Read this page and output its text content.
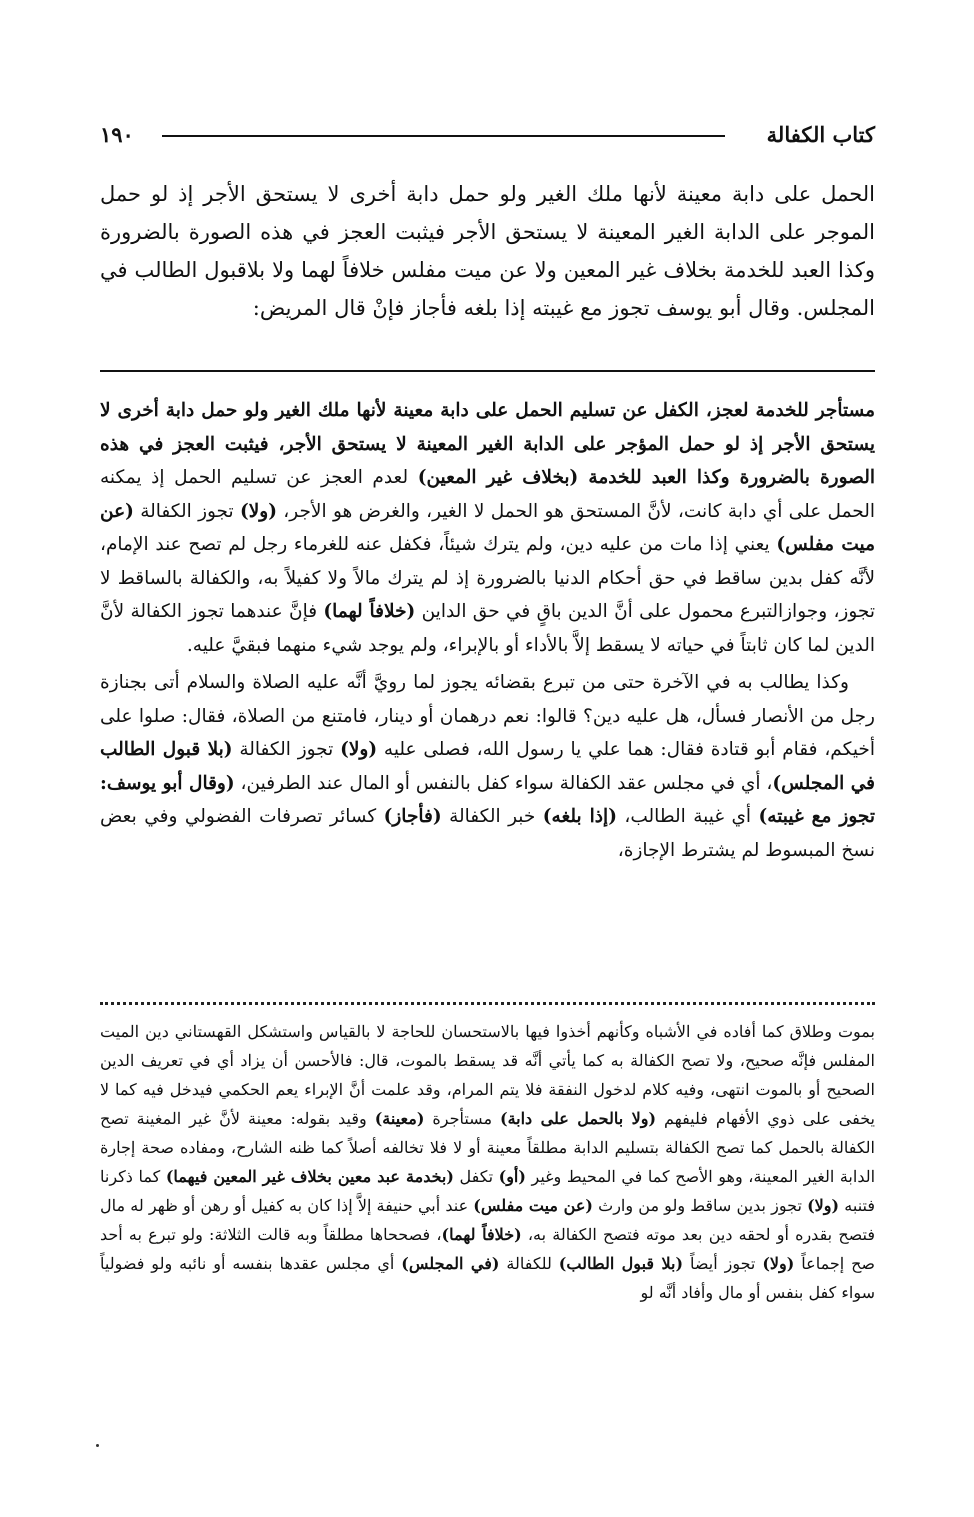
١٩٠	كتاب الكفالة
الحمل على دابة معينة لأنها ملك الغير ولو حمل دابة أخرى لا يستحق الأجر إذ لو حمل الموجر على الدابة الغير المعينة لا يستحق الأجر فيثبت العجز في هذه الصورة بالضرورة وكذا العبد للخدمة بخلاف غير المعين ولا عن ميت مفلس خلافاً لهما ولا بلاقبول الطالب في المجلس. وقال أبو يوسف تجوز مع غيبته إذا بلغه فأجاز فإنْ قال المريض:

مستأجر للخدمة لعجز، الكفل عن تسليم الحمل على دابة معينة لأنها ملك الغير ولو حمل دابة أخرى لا يستحق الأجر إذ لو حمل المؤجر على الدابة الغير المعينة لا يستحق الأجر، فيثبت العجز في هذه الصورة بالضرورة وكذا العبد للخدمة (بخلاف غير المعين) لعدم العجز عن تسليم الحمل إذ يمكنه الحمل على أي دابة كانت، لأنَّ المستحق هو الحمل لا الغير، والغرض هو الأجر، (ولا) تجوز الكفالة (عن ميت مفلس) يعني إذا مات من عليه دين، ولم يترك شيئاً، فكفل عنه للغرماء رجل لم تصح عند الإمام، لأنَّه كفل بدين ساقط في حق أحكام الدنيا بالضرورة إذ لم يترك مالاً ولا كفيلاً به، والكفالة بالساقط لا تجوز، وجوازالتبرع محمول على أنَّ الدين باقٍ في حق الداين (خلافاً لهما) فإنَّ عندهما تجوز الكفالة لأنَّ الدين لما كان ثابتاً في حياته لا يسقط إلاَّ بالأداء أو بالإبراء، ولم يوجد شيء منهما فبقيَّ عليه.

وكذا يطالب به في الآخرة حتى من تبرع بقضائه يجوز لما رويَّ أنَّه عليه الصلاة والسلام أتى بجنازة رجل من الأنصار فسأل، هل عليه دين؟ قالوا: نعم درهمان أو دينار، فامتنع من الصلاة، فقال: صلوا على أخيكم، فقام أبو قتادة فقال: هما علي يا رسول الله، فصلى عليه (ولا) تجوز الكفالة (بلا قبول الطالب في المجلس)، أي في مجلس عقد الكفالة سواء كفل بالنفس أو المال عند الطرفين، (وقال أبو يوسف: تجوز مع غيبته) أي غيبة الطالب، (إذا بلغه) خبر الكفالة (فأجاز) كسائر تصرفات الفضولي وفي بعض نسخ المبسوط لم يشترط الإجازة،

بموت وطلاق كما أفاده في الأشباه وكأنهم أخذوا فيها بالاستحسان للحاجة لا بالقياس واستشكل القهستاني دين الميت المفلس فإنَّه صحيح، ولا تصح الكفالة به كما يأتي أنَّه قد يسقط بالموت، قال: فالأحسن أن يزاد أي في تعريف الدين الصحيح أو بالموت انتهى، وفيه كلام لدخول النفقة فلا يتم المرام، وقد علمت أنَّ الإبراء يعم الحكمي فيدخل فيه كما لا يخفى على ذوي الأفهام فليفهم (ولا بالحمل على دابة) مستأجرة (معينة) وقيد بقوله: معينة لأنَّ غير المغينة تصح الكفالة بالحمل كما تصح الكفالة بتسليم الدابة مطلقاً معينة أو لا فلا تخالفه أصلاً كما ظنه الشارح، ومفاده صحة إجارة الدابة الغير المعينة، وهو الأصح كما في المحيط وغير (أو) تكفل (بخدمة عبد معين بخلاف غير المعين فيهما) كما ذكرنا فتنبه (ولا) تجوز بدين ساقط ولو من وارث (عن ميت مفلس) عند أبي حنيفة إلاَّ إذا كان به كفيل أو رهن أو ظهر له مال فتصح بقدره أو لحقه دين بعد موته فتصح الكفالة به، (خلافاً لهما)، فصححاها مطلقاً وبه قالت الثلاثة: ولو تبرع به أحد صح إجماعاً (ولا) تجوز أيضاً (بلا قبول الطالب) للكفالة (في المجلس) أي مجلس عقدها بنفسه أو نائبه ولو فضولياً سواء كفل بنفس أو مال وأفاد أنَّه لو
